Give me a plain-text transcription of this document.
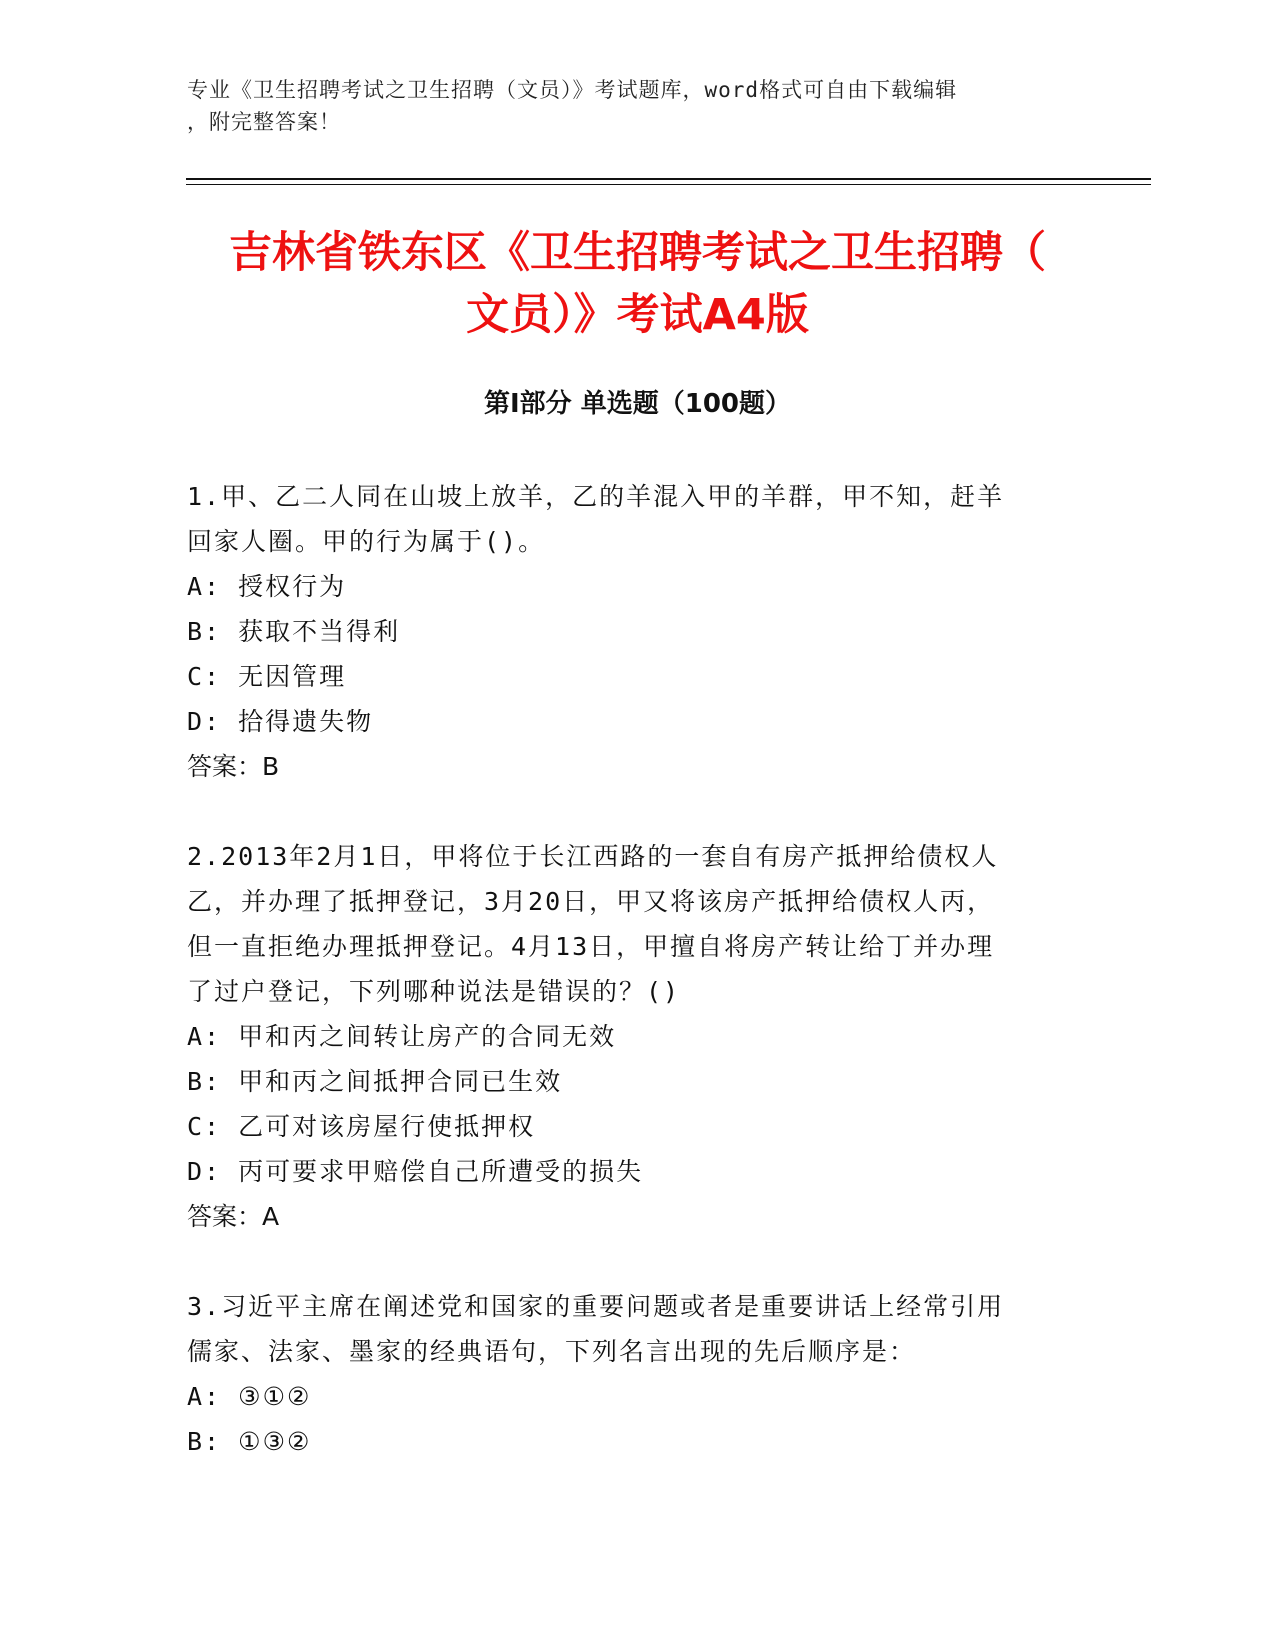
专业《卫生招聘考试之卫生招聘（文员）》考试题库，word格式可自由下载编辑
，附完整答案！
吉林省铁东区《卫生招聘考试之卫生招聘（
文员）》考试A4版
第Ⅰ部分 单选题（100题）

1.甲、乙二人同在山坡上放羊，乙的羊混入甲的羊群，甲不知，赶羊

回家人圈。甲的行为属于()。

A: 授权行为

B: 获取不当得利

C: 无因管理

D: 拾得遗失物

答案：B

2.2013年2月1日，甲将位于长江西路的一套自有房产抵押给债权人

乙，并办理了抵押登记，3月20日，甲又将该房产抵押给债权人丙，

但一直拒绝办理抵押登记。4月13日，甲擅自将房产转让给丁并办理

了过户登记，下列哪种说法是错误的？()

A: 甲和丙之间转让房产的合同无效

B: 甲和丙之间抵押合同已生效

C: 乙可对该房屋行使抵押权

D: 丙可要求甲赔偿自己所遭受的损失

答案：A

3.习近平主席在阐述党和国家的重要问题或者是重要讲话上经常引用

儒家、法家、墨家的经典语句，下列名言出现的先后顺序是：

A: ③①②

B: ①③②
